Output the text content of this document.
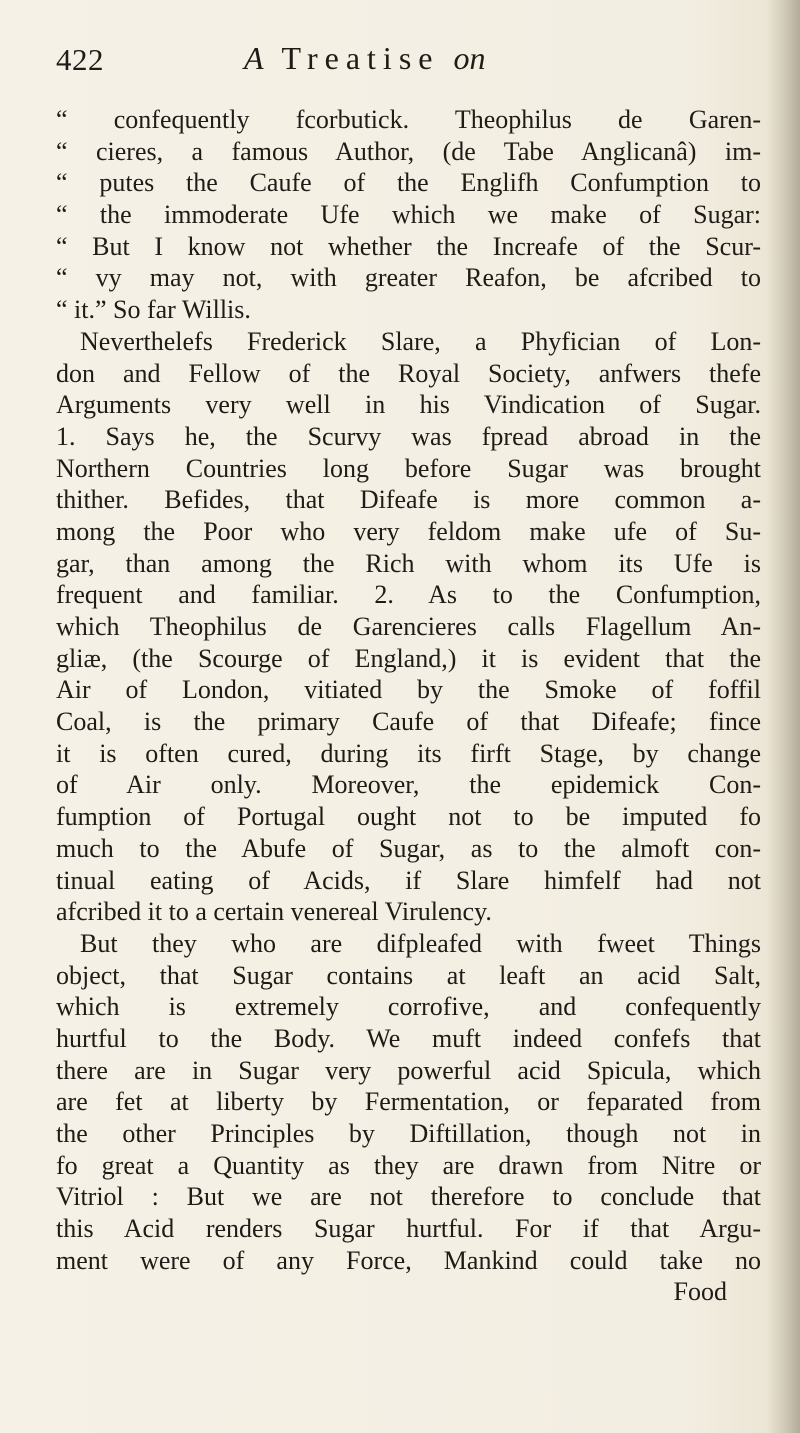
422	A Treatise on
“ confequently fcorbutick. Theophilus de Garen-
“ cieres, a famous Author, (de Tabe Anglicanâ) im-
“ putes the Caufe of the Englifh Confumption to
“ the immoderate Ufe which we make of Sugar:
“ But I know not whether the Increafe of the Scur-
“ vy may not, with greater Reafon, be afcribed to
“ it.” So far Willis.
Neverthelefs Frederick Slare, a Phyfician of Lon-
don and Fellow of the Royal Society, anfwers thefe
Arguments very well in his Vindication of Sugar.
1. Says he, the Scurvy was fpread abroad in the
Northern Countries long before Sugar was brought
thither. Befides, that Difeafe is more common a-
mong the Poor who very feldom make ufe of Su-
gar, than among the Rich with whom its Ufe is
frequent and familiar. 2. As to the Confumption,
which Theophilus de Garencieres calls Flagellum An-
gliæ, (the Scourge of England,) it is evident that the
Air of London, vitiated by the Smoke of foffil
Coal, is the primary Caufe of that Difeafe; fince
it is often cured, during its firft Stage, by change
of Air only. Moreover, the epidemick Con-
fumption of Portugal ought not to be imputed fo
much to the Abufe of Sugar, as to the almoft con-
tinual eating of Acids, if Slare himfelf had not
afcribed it to a certain venereal Virulency.
But they who are difpleafed with fweet Things
object, that Sugar contains at leaft an acid Salt,
which is extremely corrofive, and confequently
hurtful to the Body. We muft indeed confefs that
there are in Sugar very powerful acid Spicula, which
are fet at liberty by Fermentation, or feparated from
the other Principles by Diftillation, though not in
fo great a Quantity as they are drawn from Nitre or
Vitriol : But we are not therefore to conclude that
this Acid renders Sugar hurtful. For if that Argu-
ment were of any Force, Mankind could take no
Food
